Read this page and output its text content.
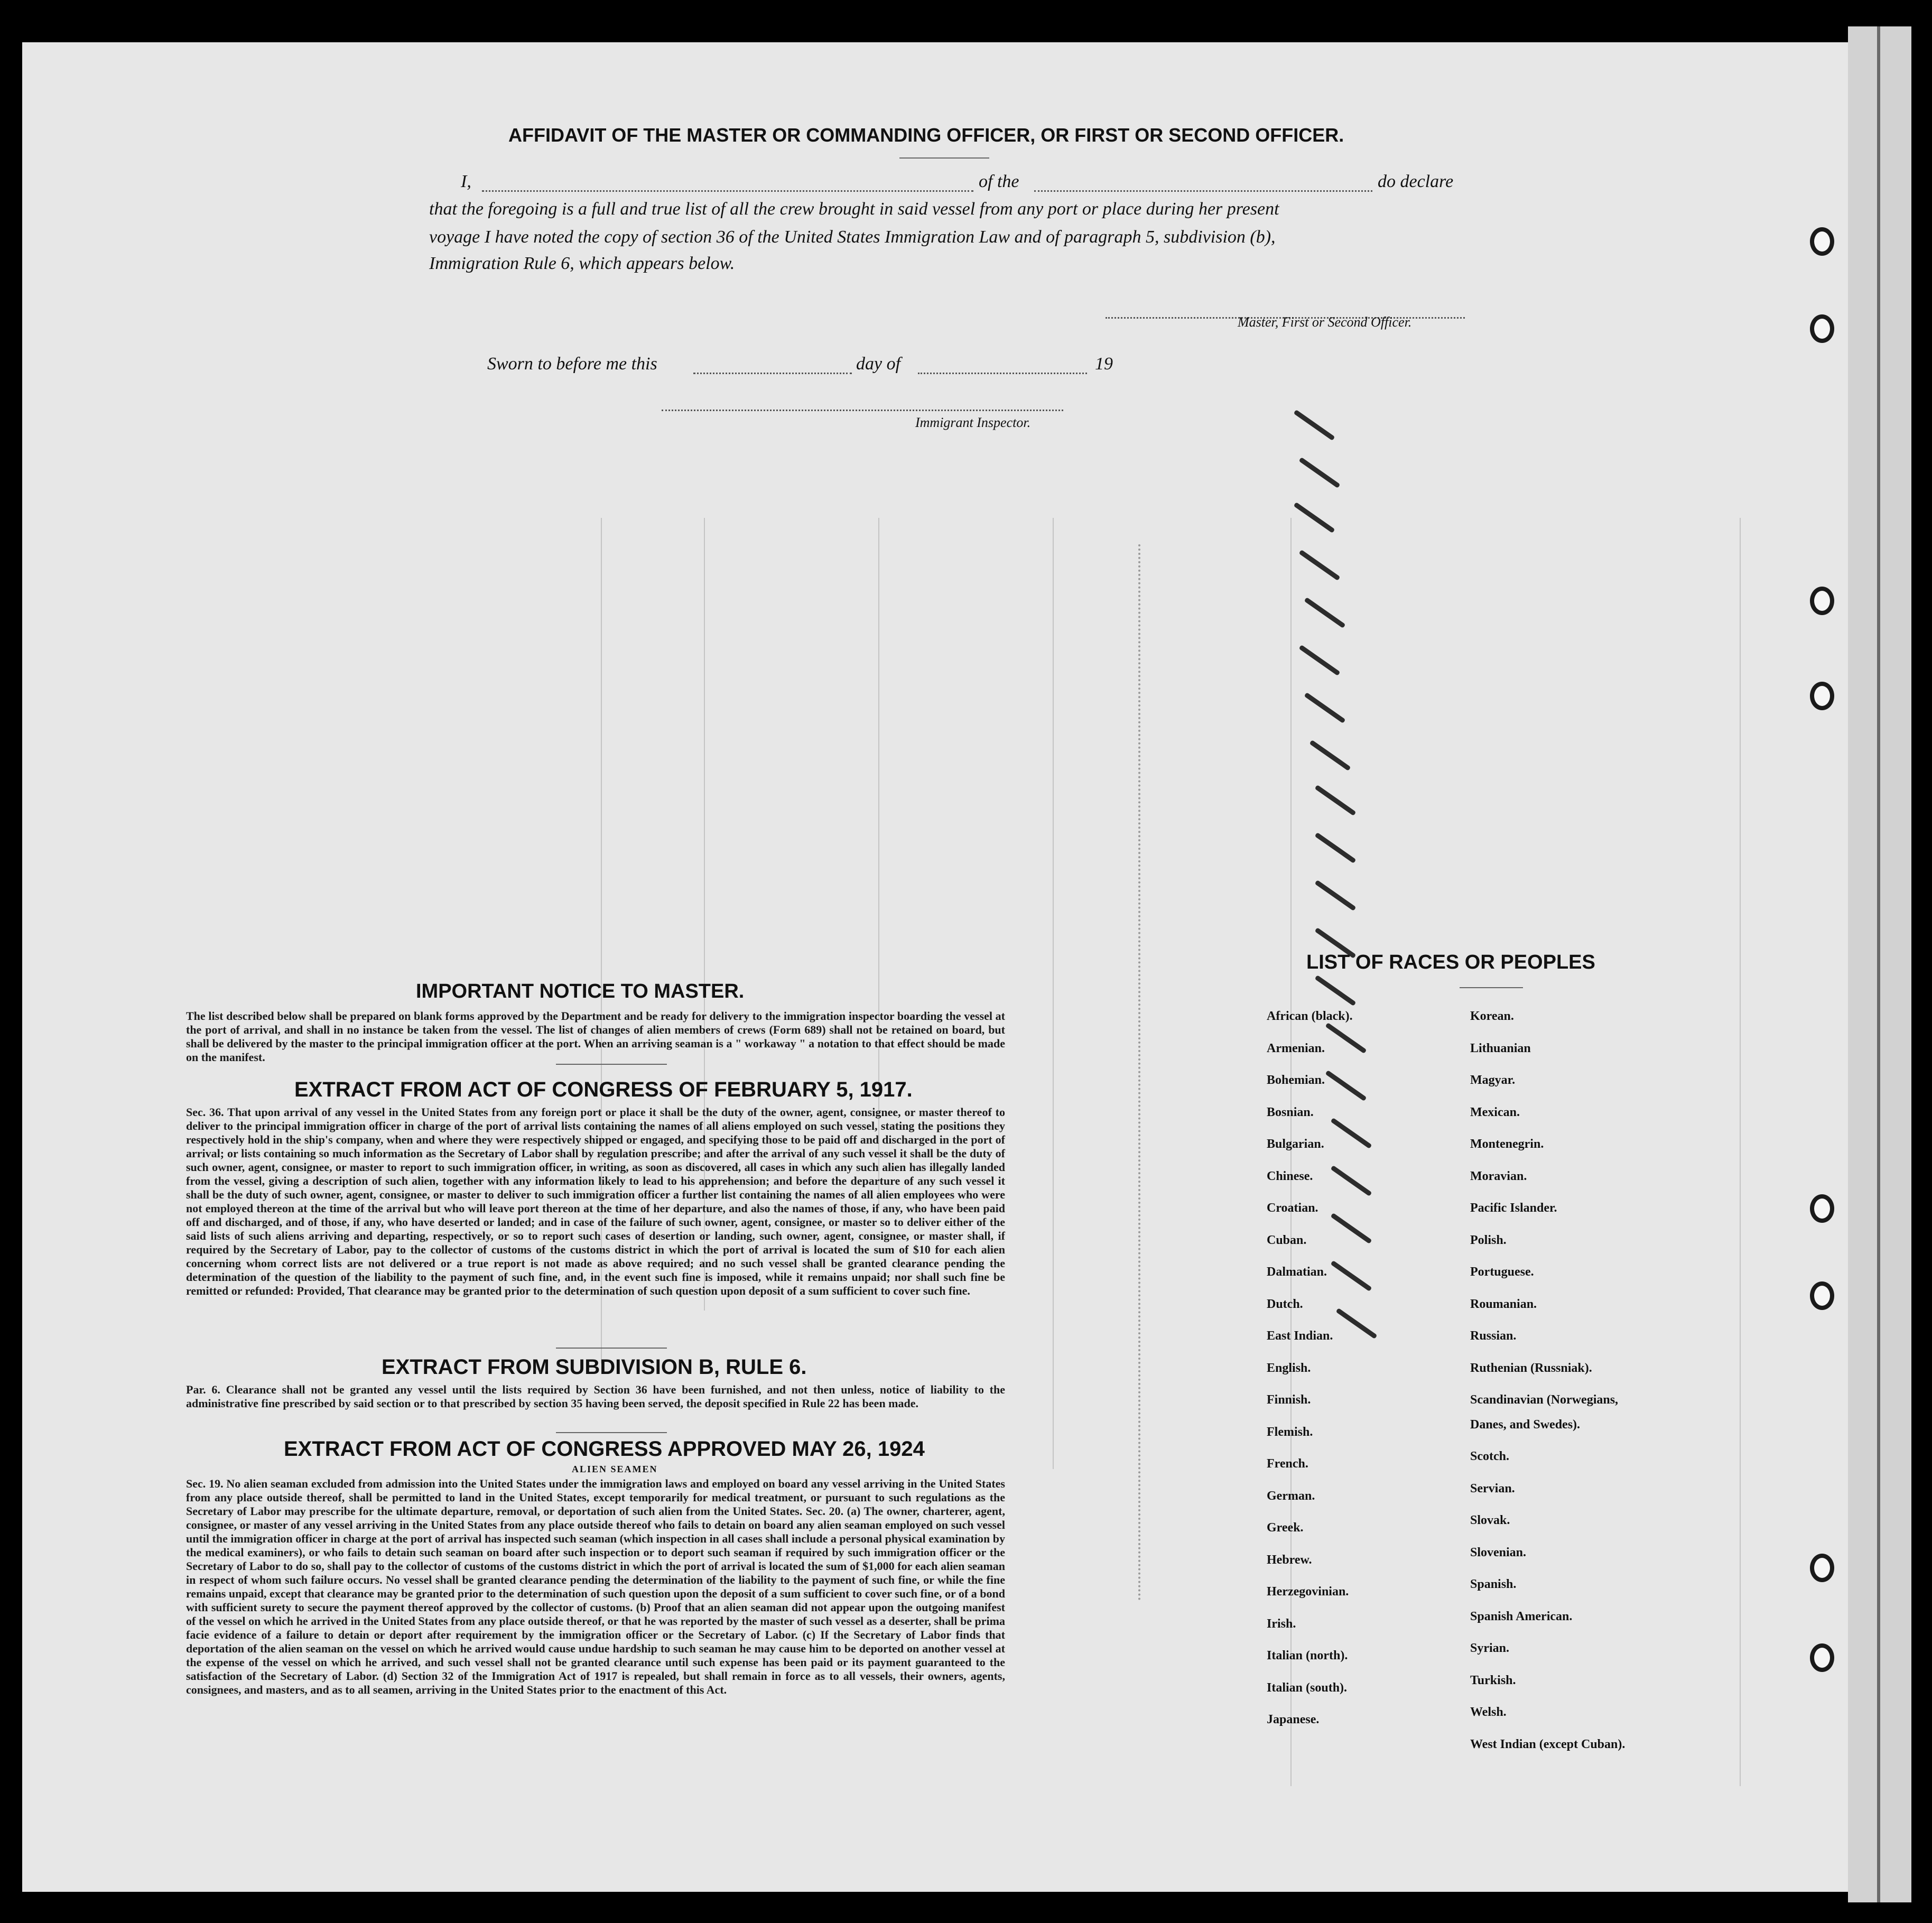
AFFIDAVIT OF THE MASTER OR COMMANDING OFFICER, OR FIRST OR SECOND OFFICER.
I,	of the	do declare
that the foregoing is a full and true list of all the crew brought in said vessel from any port or place during her present
voyage I have noted the copy of section 36 of the United States Immigration Law and of paragraph 5, subdivision (b),
Immigration Rule 6, which appears below.
Master, First or Second Officer.
Sworn to before me this	day of	19
Immigrant Inspector.
IMPORTANT NOTICE TO MASTER.
The list described below shall be prepared on blank forms approved by the Department and be ready for delivery to the immigration inspector boarding the vessel at the port of arrival, and shall in no instance be taken from the vessel. The list of changes of alien members of crews (Form 689) shall not be retained on board, but shall be delivered by the master to the principal immigration officer at the port. When an arriving seaman is a " workaway " a notation to that effect should be made on the manifest.
EXTRACT FROM ACT OF CONGRESS OF FEBRUARY 5, 1917.
Sec. 36. That upon arrival of any vessel in the United States from any foreign port or place it shall be the duty of the owner, agent, consignee, or master thereof to deliver to the principal immigration officer in charge of the port of arrival lists containing the names of all aliens employed on such vessel, stating the positions they respectively hold in the ship's company, when and where they were respectively shipped or engaged, and specifying those to be paid off and discharged in the port of arrival; or lists containing so much information as the Secretary of Labor shall by regulation prescribe; and after the arrival of any such vessel it shall be the duty of such owner, agent, consignee, or master to report to such immigration officer, in writing, as soon as discovered, all cases in which any such alien has illegally landed from the vessel, giving a description of such alien, together with any information likely to lead to his apprehension; and before the departure of any such vessel it shall be the duty of such owner, agent, consignee, or master to deliver to such immigration officer a further list containing the names of all alien employees who were not employed thereon at the time of the arrival but who will leave port thereon at the time of her departure, and also the names of those, if any, who have been paid off and discharged, and of those, if any, who have deserted or landed; and in case of the failure of such owner, agent, consignee, or master so to deliver either of the said lists of such aliens arriving and departing, respectively, or so to report such cases of desertion or landing, such owner, agent, consignee, or master shall, if required by the Secretary of Labor, pay to the collector of customs of the customs district in which the port of arrival is located the sum of $10 for each alien concerning whom correct lists are not delivered or a true report is not made as above required; and no such vessel shall be granted clearance pending the determination of the question of the liability to the payment of such fine, and, in the event such fine is imposed, while it remains unpaid; nor shall such fine be remitted or refunded: Provided, That clearance may be granted prior to the determination of such question upon deposit of a sum sufficient to cover such fine.
EXTRACT FROM SUBDIVISION B, RULE 6.
Par. 6. Clearance shall not be granted any vessel until the lists required by Section 36 have been furnished, and not then unless, notice of liability to the administrative fine prescribed by said section or to that prescribed by section 35 having been served, the deposit specified in Rule 22 has been made.
EXTRACT FROM ACT OF CONGRESS APPROVED MAY 26, 1924
ALIEN SEAMEN
Sec. 19. No alien seaman excluded from admission into the United States under the immigration laws and employed on board any vessel arriving in the United States from any place outside thereof, shall be permitted to land in the United States, except temporarily for medical treatment, or pursuant to such regulations as the Secretary of Labor may prescribe for the ultimate departure, removal, or deportation of such alien from the United States. Sec. 20. (a) The owner, charterer, agent, consignee, or master of any vessel arriving in the United States from any place outside thereof who fails to detain on board any alien seaman employed on such vessel until the immigration officer in charge at the port of arrival has inspected such seaman (which inspection in all cases shall include a personal physical examination by the medical examiners), or who fails to detain such seaman on board after such inspection or to deport such seaman if required by such immigration officer or the Secretary of Labor to do so, shall pay to the collector of customs of the customs district in which the port of arrival is located the sum of $1,000 for each alien seaman in respect of whom such failure occurs. No vessel shall be granted clearance pending the determination of the liability to the payment of such fine, or while the fine remains unpaid, except that clearance may be granted prior to the determination of such question upon the deposit of a sum sufficient to cover such fine, or of a bond with sufficient surety to secure the payment thereof approved by the collector of customs. (b) Proof that an alien seaman did not appear upon the outgoing manifest of the vessel on which he arrived in the United States from any place outside thereof, or that he was reported by the master of such vessel as a deserter, shall be prima facie evidence of a failure to detain or deport after requirement by the immigration officer or the Secretary of Labor. (c) If the Secretary of Labor finds that deportation of the alien seaman on the vessel on which he arrived would cause undue hardship to such seaman he may cause him to be deported on another vessel at the expense of the vessel on which he arrived, and such vessel shall not be granted clearance until such expense has been paid or its payment guaranteed to the satisfaction of the Secretary of Labor. (d) Section 32 of the Immigration Act of 1917 is repealed, but shall remain in force as to all vessels, their owners, agents, consignees, and masters, and as to all seamen, arriving in the United States prior to the enactment of this Act.
LIST OF RACES OR PEOPLES
African (black).
Armenian.
Bohemian.
Bosnian.
Bulgarian.
Chinese.
Croatian.
Cuban.
Dalmatian.
Dutch.
East Indian.
English.
Finnish.
Flemish.
French.
German.
Greek.
Hebrew.
Herzegovinian.
Irish.
Italian (north).
Italian (south).
Japanese.
Korean.
Lithuanian
Magyar.
Mexican.
Montenegrin.
Moravian.
Pacific Islander.
Polish.
Portuguese.
Roumanian.
Russian.
Ruthenian (Russniak).
Scandinavian (Norwegians,
Danes, and Swedes).
Scotch.
Servian.
Slovak.
Slovenian.
Spanish.
Spanish American.
Syrian.
Turkish.
Welsh.
West Indian (except Cuban).
